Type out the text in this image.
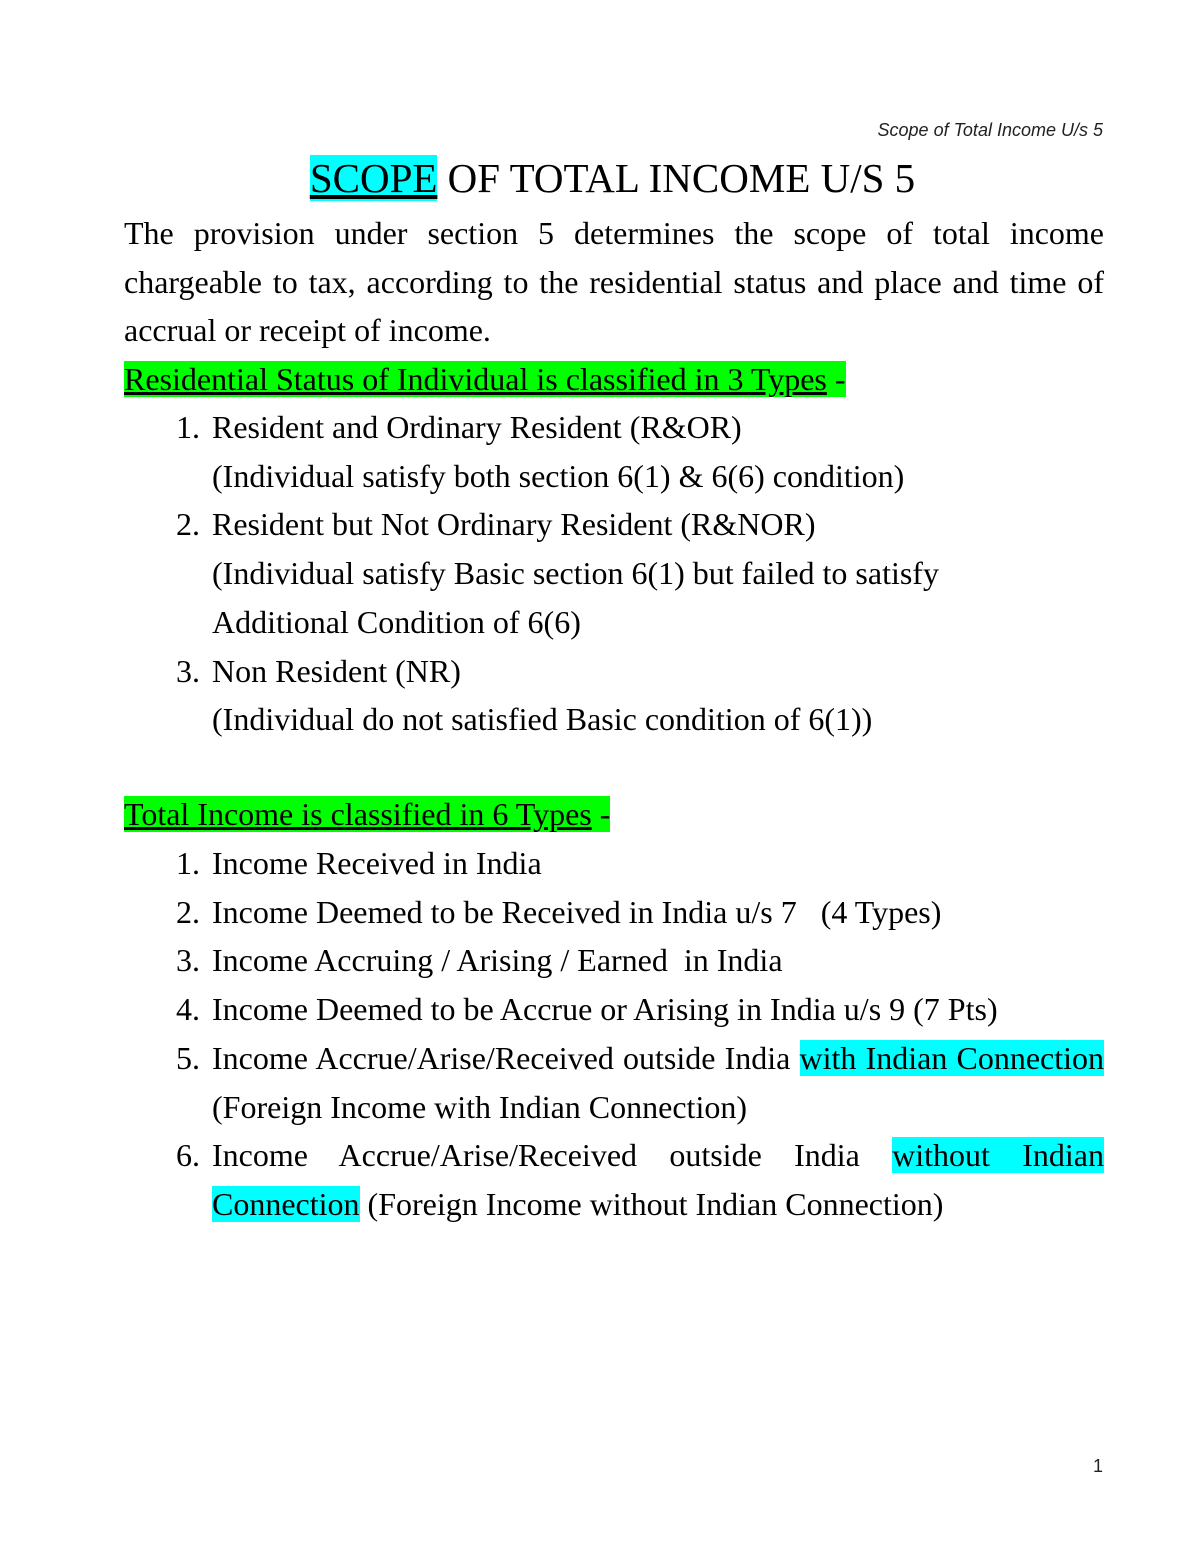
Scope of Total Income U/s 5
SCOPE OF TOTAL INCOME U/S 5
The provision under section 5 determines the scope of total income chargeable to tax, according to the residential status and place and time of accrual or receipt of income.
Residential Status of Individual is classified in 3 Types -
1. Resident and Ordinary Resident (R&OR)
(Individual satisfy both section 6(1) & 6(6) condition)
2. Resident but Not Ordinary Resident (R&NOR)
(Individual satisfy Basic section 6(1) but failed to satisfy Additional Condition of 6(6)
3. Non Resident (NR)
(Individual do not satisfied Basic condition of 6(1))
Total Income is classified in 6 Types -
1. Income Received in India
2. Income Deemed to be Received in India u/s 7   (4 Types)
3. Income Accruing / Arising / Earned  in India
4. Income Deemed to be Accrue or Arising in India u/s 9 (7 Pts)
5. Income Accrue/Arise/Received outside India with Indian Connection (Foreign Income with Indian Connection)
6. Income Accrue/Arise/Received outside India without Indian Connection (Foreign Income without Indian Connection)
1
